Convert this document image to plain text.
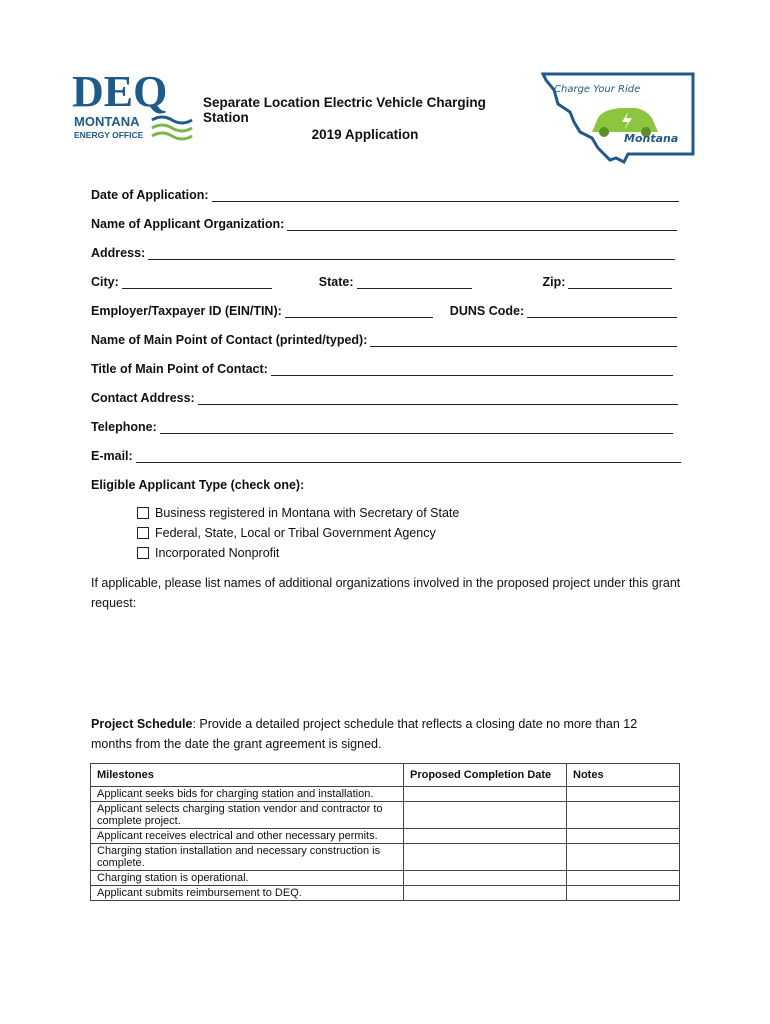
DEQ
MONTANA
ENERGY OFFICE
Separate Location Electric Vehicle Charging Station
2019 Application
Charge Your Ride
Montana
Date of Application:
Name of Applicant Organization:
Address:
City:	State:	Zip:
Employer/Taxpayer ID (EIN/TIN):	DUNS Code:
Name of Main Point of Contact (printed/typed):
Title of Main Point of Contact:
Contact Address:
Telephone:
E-mail:
Eligible Applicant Type (check one):
Business registered in Montana with Secretary of State
Federal, State, Local or Tribal Government Agency
Incorporated Nonprofit
If applicable, please list names of additional organizations involved in the proposed project under this grant request:
Project Schedule: Provide a detailed project schedule that reflects a closing date no more than 12 months from the date the grant agreement is signed.
Milestones	Proposed Completion Date	Notes
Applicant seeks bids for charging station and installation.		
Applicant selects charging station vendor and contractor to complete project.		
Applicant receives electrical and other necessary permits.		
Charging station installation and necessary construction is complete.		
Charging station is operational.		
Applicant submits reimbursement to DEQ.		
